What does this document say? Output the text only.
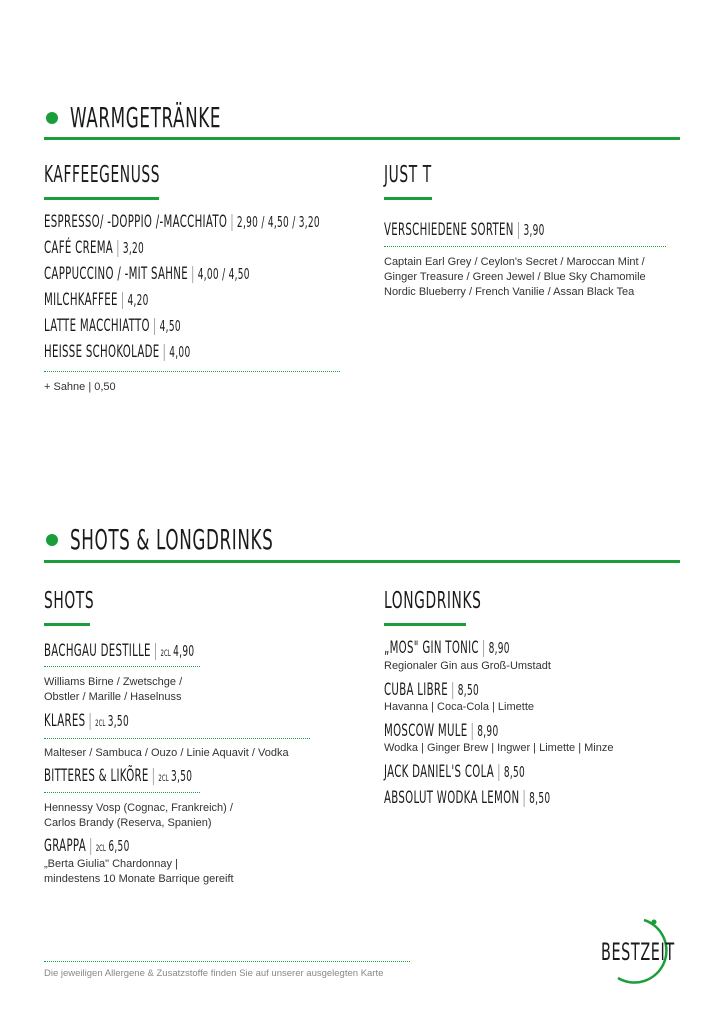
WARMGETRÄNKE
KAFFEEGENUSS
ESPRESSO/ -DOPPIO /-MACCHIATO | 2,90 / 4,50 / 3,20
CAFÉ CREMA | 3,20
CAPPUCCINO / -MIT SAHNE | 4,00 / 4,50
MILCHKAFFEE | 4,20
LATTE MACCHIATTO | 4,50
HEISSE SCHOKOLADE | 4,00
+ Sahne | 0,50
JUST T
VERSCHIEDENE SORTEN | 3,90
Captain Earl Grey / Ceylon's Secret / Maroccan Mint /
Ginger Treasure / Green Jewel / Blue Sky Chamomile
Nordic Blueberry / French Vanilie / Assan Black Tea
SHOTS & LONGDRINKS
SHOTS
BACHGAU DESTILLE | 2CL 4,90
Williams Birne / Zwetschge /
Obstler / Marille / Haselnuss
KLARES | 2CL 3,50
Malteser / Sambuca / Ouzo / Linie Aquavit / Vodka
BITTERES & LIKÕRE | 2CL 3,50
Hennessy Vosp (Cognac, Frankreich) /
Carlos Brandy (Reserva, Spanien)
GRAPPA | 2CL 6,50
„Berta Giulia" Chardonnay |
mindestens 10 Monate Barrique gereift
LONGDRINKS
„MOS" GIN TONIC | 8,90
Regionaler Gin aus Groß-Umstadt
CUBA LIBRE | 8,50
Havanna | Coca-Cola | Limette
MOSCOW MULE | 8,90
Wodka | Ginger Brew | Ingwer | Limette | Minze
JACK DANIEL'S COLA | 8,50
ABSOLUT WODKA LEMON | 8,50
Die jeweiligen Allergene & Zusatzstoffe finden Sie auf unserer ausgelegten Karte
BESTZEIT
